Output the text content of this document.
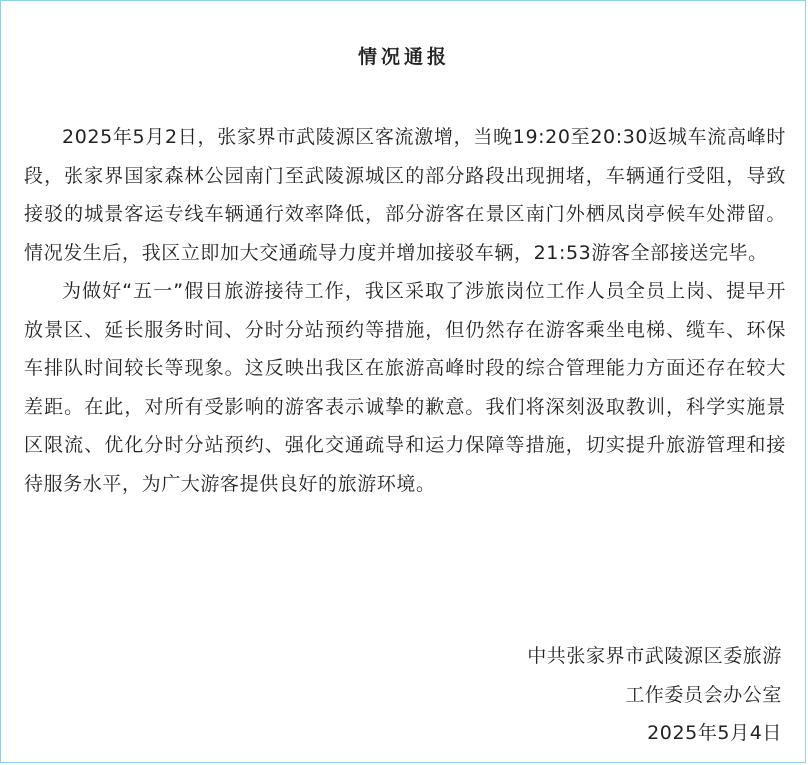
情况通报

2025年5月2日，张家界市武陵源区客流激增，当晚19:20至20:30返城车流高峰时段，张家界国家森林公园南门至武陵源城区的部分路段出现拥堵，车辆通行受阻，导致接驳的城景客运专线车辆通行效率降低，部分游客在景区南门外栖凤岗亭候车处滞留。情况发生后，我区立即加大交通疏导力度并增加接驳车辆，21:53游客全部接送完毕。

为做好“五一”假日旅游接待工作，我区采取了涉旅岗位工作人员全员上岗、提早开放景区、延长服务时间、分时分站预约等措施，但仍然存在游客乘坐电梯、缆车、环保车排队时间较长等现象。这反映出我区在旅游高峰时段的综合管理能力方面还存在较大差距。在此，对所有受影响的游客表示诚挚的歉意。我们将深刻汲取教训，科学实施景区限流、优化分时分站预约、强化交通疏导和运力保障等措施，切实提升旅游管理和接待服务水平，为广大游客提供良好的旅游环境。

中共张家界市武陵源区委旅游
工作委员会办公室
2025年5月4日
